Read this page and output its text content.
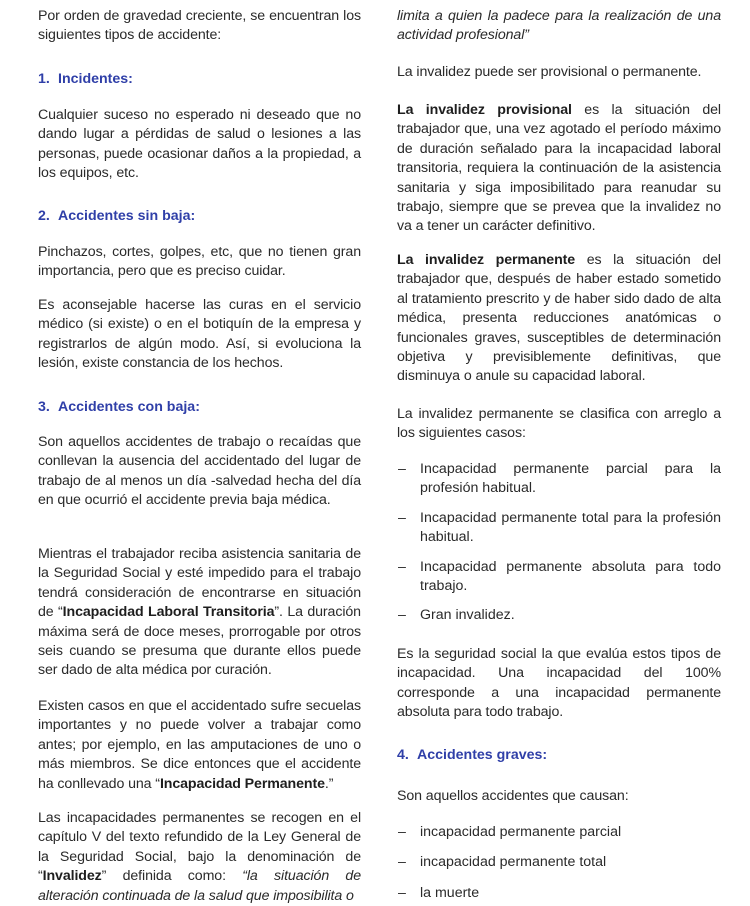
Por orden de gravedad creciente, se encuentran los siguientes tipos de accidente:

1. Incidentes:

Cualquier suceso no esperado ni deseado que no dando lugar a pérdidas de salud o lesiones a las personas, puede ocasionar daños a la propiedad, a los equipos, etc.

2. Accidentes sin baja:

Pinchazos, cortes, golpes, etc, que no tienen gran importancia, pero que es preciso cuidar.

Es aconsejable hacerse las curas en el servicio médico (si existe) o en el botiquín de la empresa y registrarlos de algún modo. Así, si evoluciona la lesión, existe constancia de los hechos.

3. Accidentes con baja:

Son aquellos accidentes de trabajo o recaídas que conllevan la ausencia del accidentado del lugar de trabajo de al menos un día -salvedad hecha del día en que ocurrió el accidente previa baja médica.

Mientras el trabajador reciba asistencia sanitaria de la Seguridad Social y esté impedido para el trabajo tendrá consideración de encontrarse en situación de “Incapacidad Laboral Transitoria”. La duración máxima será de doce meses, prorrogable por otros seis cuando se presuma que durante ellos puede ser dado de alta médica por curación.

Existen casos en que el accidentado sufre secuelas importantes y no puede volver a trabajar como antes; por ejemplo, en las amputaciones de uno o más miembros. Se dice entonces que el accidente ha conllevado una “Incapacidad Permanente.”

Las incapacidades permanentes se recogen en el capítulo V del texto refundido de la Ley General de la Seguridad Social, bajo la denominación de “Invalidez” definida como: “la situación de alteración continuada de la salud que imposibilita o

limita a quien la padece para la realización de una actividad profesional”

La invalidez puede ser provisional o permanente.

La invalidez provisional es la situación del trabajador que, una vez agotado el período máximo de duración señalado para la incapacidad laboral transitoria, requiera la continuación de la asistencia sanitaria y siga imposibilitado para reanudar su trabajo, siempre que se prevea que la invalidez no va a tener un carácter definitivo.

La invalidez permanente es la situación del trabajador que, después de haber estado sometido al tratamiento prescrito y de haber sido dado de alta médica, presenta reducciones anatómicas o funcionales graves, susceptibles de determinación objetiva y previsiblemente definitivas, que disminuya o anule su capacidad laboral.

La invalidez permanente se clasifica con arreglo a los siguientes casos:

– Incapacidad permanente parcial para la profesión habitual.
– Incapacidad permanente total para la profesión habitual.
– Incapacidad permanente absoluta para todo trabajo.
– Gran invalidez.

Es la seguridad social la que evalúa estos tipos de incapacidad. Una incapacidad del 100% corresponde a una incapacidad permanente absoluta para todo trabajo.

4. Accidentes graves:

Son aquellos accidentes que causan:

– incapacidad permanente parcial
– incapacidad permanente total
– la muerte
